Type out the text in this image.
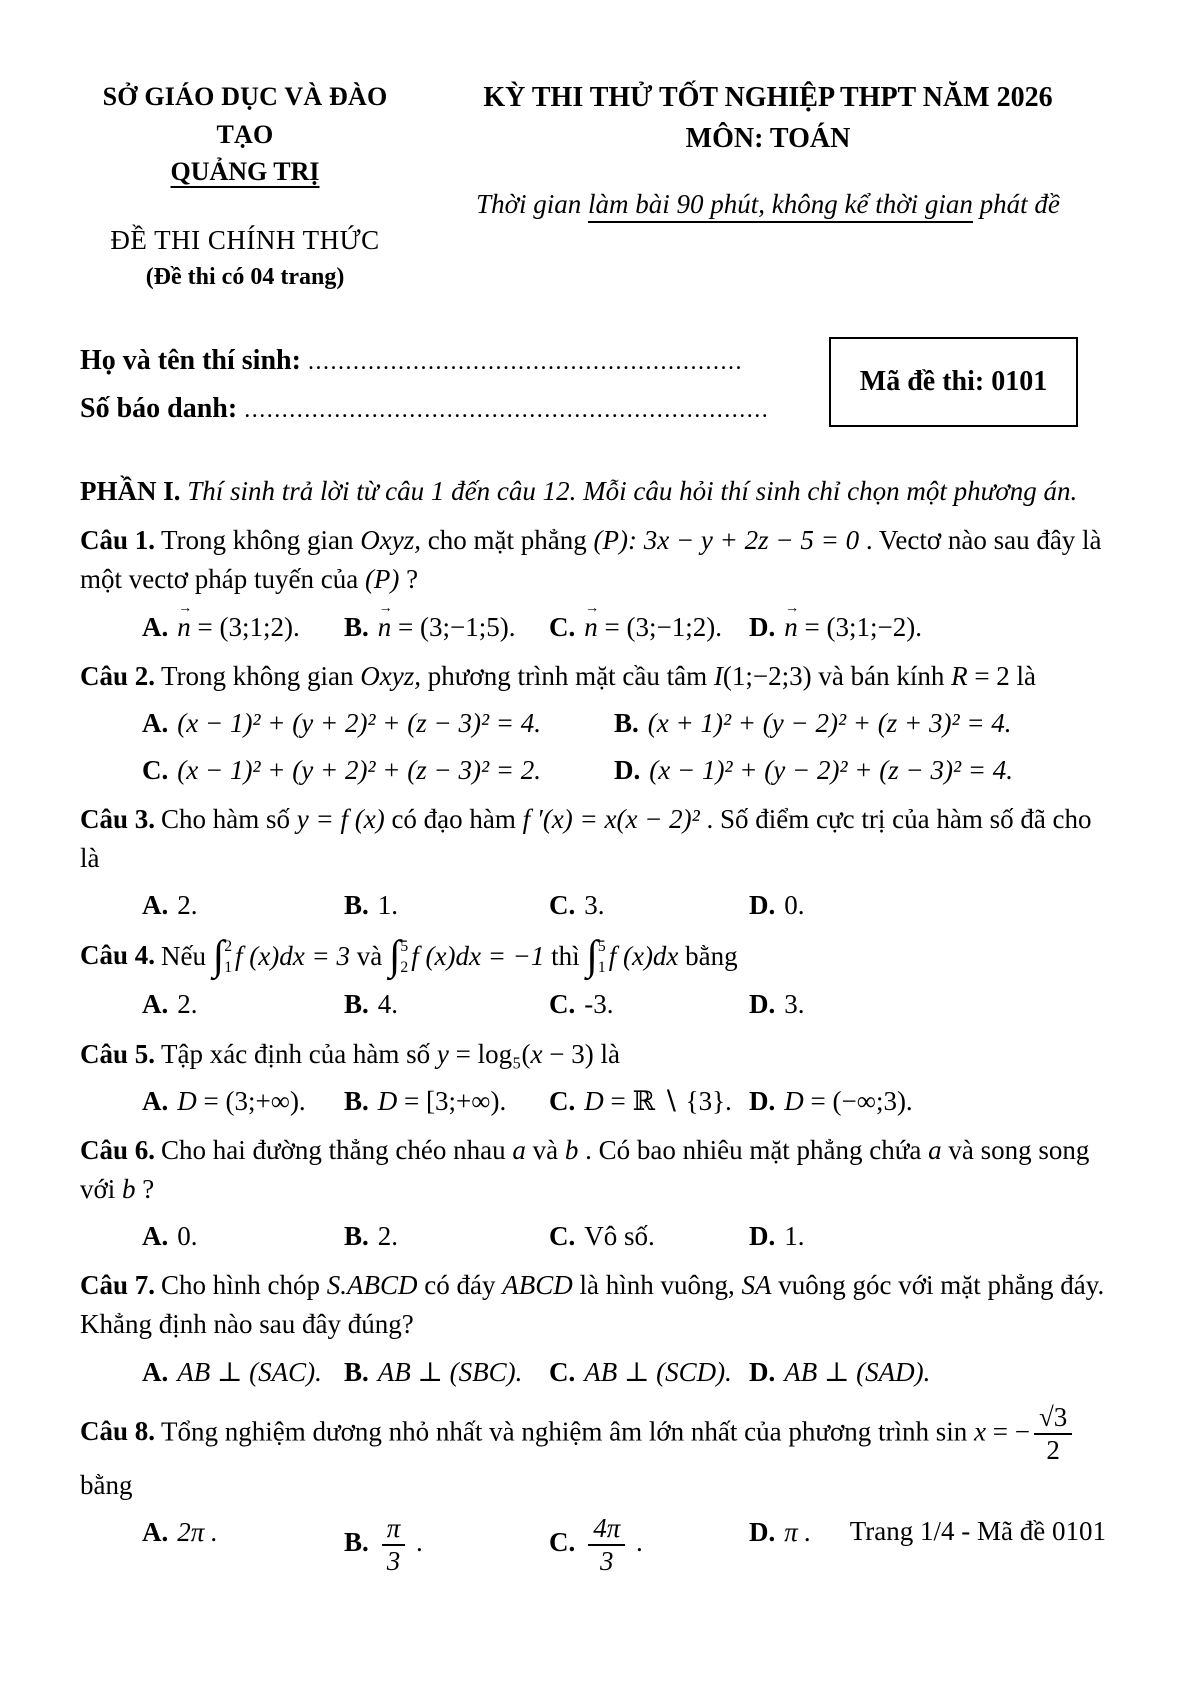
SỞ GIÁO DỤC VÀ ĐÀO TẠO
QUẢNG TRỊ
ĐỀ THI CHÍNH THỨC
(Đề thi có 04 trang)
KỲ THI THỬ TỐT NGHIỆP THPT NĂM 2026
MÔN: TOÁN
Thời gian làm bài 90 phút, không kể thời gian phát đề
Họ và tên thí sinh: ..........................................................
Số báo danh: ......................................................................
Mã đề thi: 0101
PHẦN I. Thí sinh trả lời từ câu 1 đến câu 12. Mỗi câu hỏi thí sinh chỉ chọn một phương án.
Câu 1. Trong không gian Oxyz, cho mặt phẳng (P): 3x − y + 2z − 5 = 0 . Vectơ nào sau đây là một vectơ pháp tuyến của (P) ?
A. n → = (3;1;2).	B. n → = (3;−1;5).	C. n → = (3;−1;2).	D. n → = (3;1;−2).
Câu 2. Trong không gian Oxyz, phương trình mặt cầu tâm I(1;−2;3) và bán kính R = 2 là
A. (x − 1)² + (y + 2)² + (z − 3)² = 4.	B. (x + 1)² + (y − 2)² + (z + 3)² = 4.
C. (x − 1)² + (y + 2)² + (z − 3)² = 2.	D. (x − 1)² + (y − 2)² + (z − 3)² = 4.
Câu 3. Cho hàm số y = f (x) có đạo hàm f ′(x) = x(x − 2)² . Số điểm cực trị của hàm số đã cho là
A. 2.	B. 1.	C. 3.	D. 0.
Câu 4. Nếu ∫ 2
1 f (x)dx = 3 và ∫ 5
2 f (x)dx = −1 thì ∫ 5
1 f (x)dx bằng
A. 2.	B. 4.	C. -3.	D. 3.
Câu 5. Tập xác định của hàm số y = log₅(x − 3) là
A. D = (3;+∞).	B. D = [3;+∞).	C. D = ℝ ∖ {3}. D. D = (−∞;3).
Câu 6. Cho hai đường thẳng chéo nhau a và b . Có bao nhiêu mặt phẳng chứa a và song song với b ?
A. 0.	B. 2.	C. Vô số.	D. 1.
Câu 7. Cho hình chóp S.ABCD có đáy ABCD là hình vuông, SA vuông góc với mặt phẳng đáy. Khẳng định nào sau đây đúng?
A. AB ⊥ (SAC). B. AB ⊥ (SBC). C. AB ⊥ (SCD). D. AB ⊥ (SAD).
Câu 8. Tổng nghiệm dương nhỏ nhất và nghiệm âm lớn nhất của phương trình sin x = − $\frac{√3}{2}$

bằng
A. 2π .	B. $\frac{\pi}{3}$ .	C. $\frac{4\pi}{3}$ .	D. π .	Trang 1/4 - Mã đề 0101
